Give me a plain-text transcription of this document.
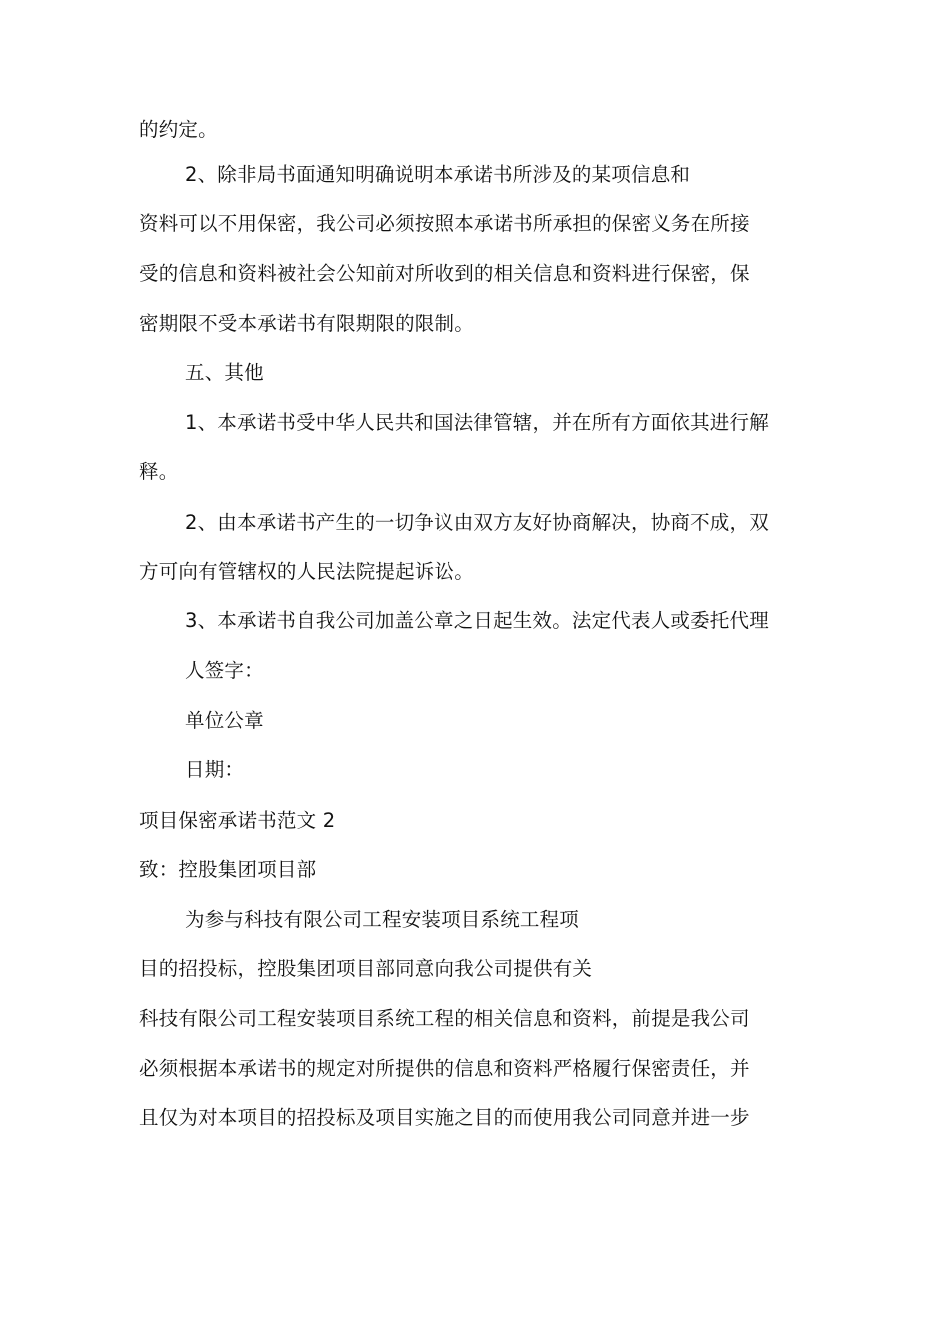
的约定。
2、除非局书面通知明确说明本承诺书所涉及的某项信息和
资料可以不用保密，我公司必须按照本承诺书所承担的保密义务在所接
受的信息和资料被社会公知前对所收到的相关信息和资料进行保密，保
密期限不受本承诺书有限期限的限制。
五、其他
1、本承诺书受中华人民共和国法律管辖，并在所有方面依其进行解
释。
2、由本承诺书产生的一切争议由双方友好协商解决，协商不成，双
方可向有管辖权的人民法院提起诉讼。
3、本承诺书自我公司加盖公章之日起生效。法定代表人或委托代理
人签字：
单位公章
日期：
项目保密承诺书范文 2
致：控股集团项目部
为参与科技有限公司工程安装项目系统工程项
目的招投标，控股集团项目部同意向我公司提供有关
科技有限公司工程安装项目系统工程的相关信息和资料，前提是我公司
必须根据本承诺书的规定对所提供的信息和资料严格履行保密责任，并
且仅为对本项目的招投标及项目实施之目的而使用我公司同意并进一步
